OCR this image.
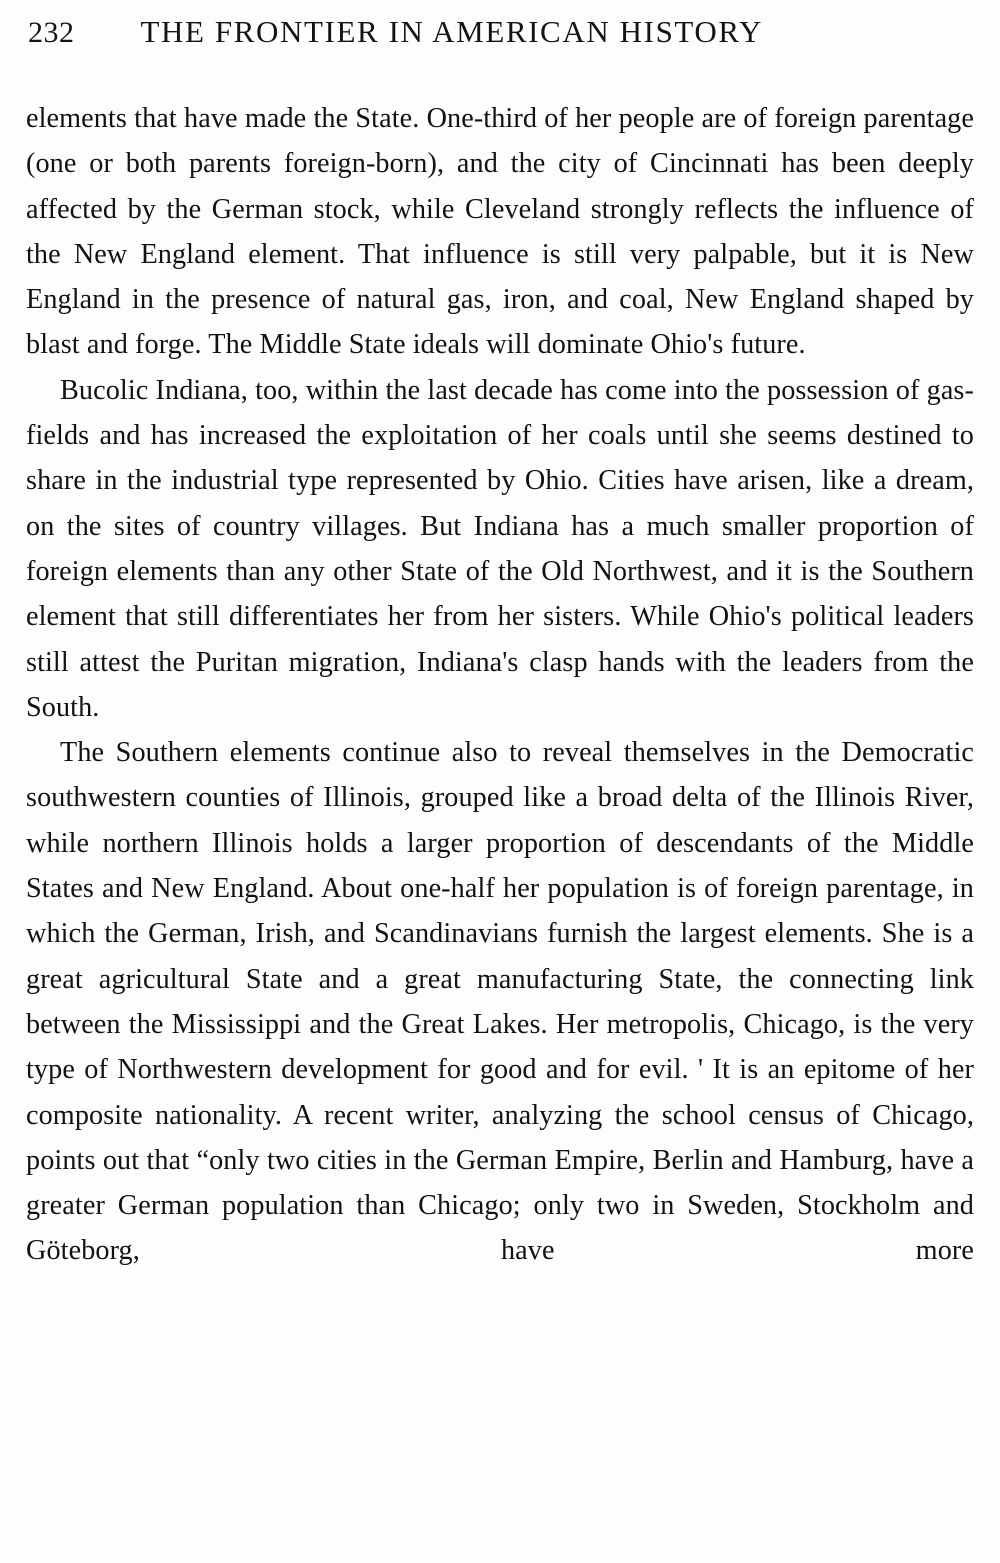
232 THE FRONTIER IN AMERICAN HISTORY

elements that have made the State. One-third of her people are of foreign parentage (one or both parents foreign-born), and the city of Cincinnati has been deeply affected by the German stock, while Cleveland strongly reflects the influence of the New England element. That influence is still very palpable, but it is New England in the presence of natural gas, iron, and coal, New England shaped by blast and forge. The Middle State ideals will dominate Ohio's future.

Bucolic Indiana, too, within the last decade has come into the possession of gas-fields and has increased the exploitation of her coals until she seems destined to share in the industrial type represented by Ohio. Cities have arisen, like a dream, on the sites of country villages. But Indiana has a much smaller proportion of foreign elements than any other State of the Old Northwest, and it is the Southern element that still differentiates her from her sisters. While Ohio's political leaders still attest the Puritan migration, Indiana's clasp hands with the leaders from the South.

The Southern elements continue also to reveal themselves in the Democratic southwestern counties of Illinois, grouped like a broad delta of the Illinois River, while northern Illinois holds a larger proportion of descendants of the Middle States and New England. About one-half her population is of foreign parentage, in which the German, Irish, and Scandinavians furnish the largest elements. She is a great agricultural State and a great manufacturing State, the connecting link between the Mississippi and the Great Lakes. Her metropolis, Chicago, is the very type of Northwestern development for good and for evil. ' It is an epitome of her composite nationality. A recent writer, analyzing the school census of Chicago, points out that “only two cities in the German Empire, Berlin and Hamburg, have a greater German population than Chicago; only two in Sweden, Stockholm and Göteborg, have more
